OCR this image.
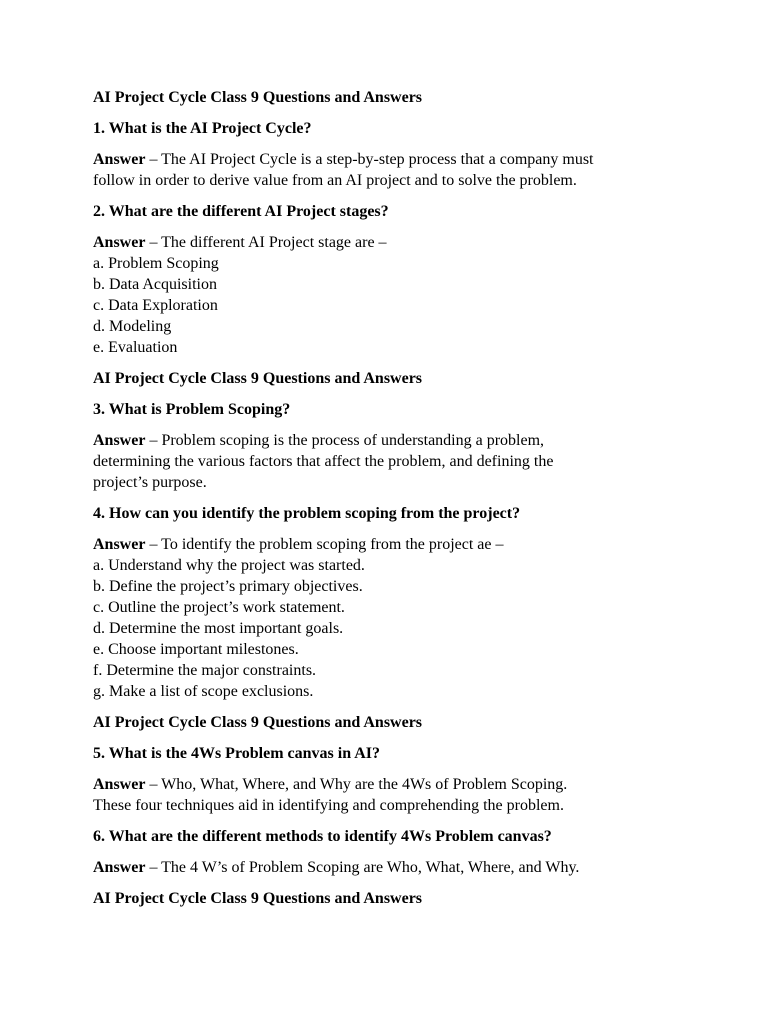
AI Project Cycle Class 9 Questions and Answers
1. What is the AI Project Cycle?
Answer – The AI Project Cycle is a step-by-step process that a company must
follow in order to derive value from an AI project and to solve the problem.
2. What are the different AI Project stages?
Answer – The different AI Project stage are –
a. Problem Scoping
b. Data Acquisition
c. Data Exploration
d. Modeling
e. Evaluation
AI Project Cycle Class 9 Questions and Answers
3. What is Problem Scoping?
Answer – Problem scoping is the process of understanding a problem,
determining the various factors that affect the problem, and defining the
project’s purpose.
4. How can you identify the problem scoping from the project?
Answer – To identify the problem scoping from the project ae –
a. Understand why the project was started.
b. Define the project’s primary objectives.
c. Outline the project’s work statement.
d. Determine the most important goals.
e. Choose important milestones.
f. Determine the major constraints.
g. Make a list of scope exclusions.
AI Project Cycle Class 9 Questions and Answers
5. What is the 4Ws Problem canvas in AI?
Answer – Who, What, Where, and Why are the 4Ws of Problem Scoping.
These four techniques aid in identifying and comprehending the problem.
6. What are the different methods to identify 4Ws Problem canvas?
Answer – The 4 W’s of Problem Scoping are Who, What, Where, and Why.
AI Project Cycle Class 9 Questions and Answers
